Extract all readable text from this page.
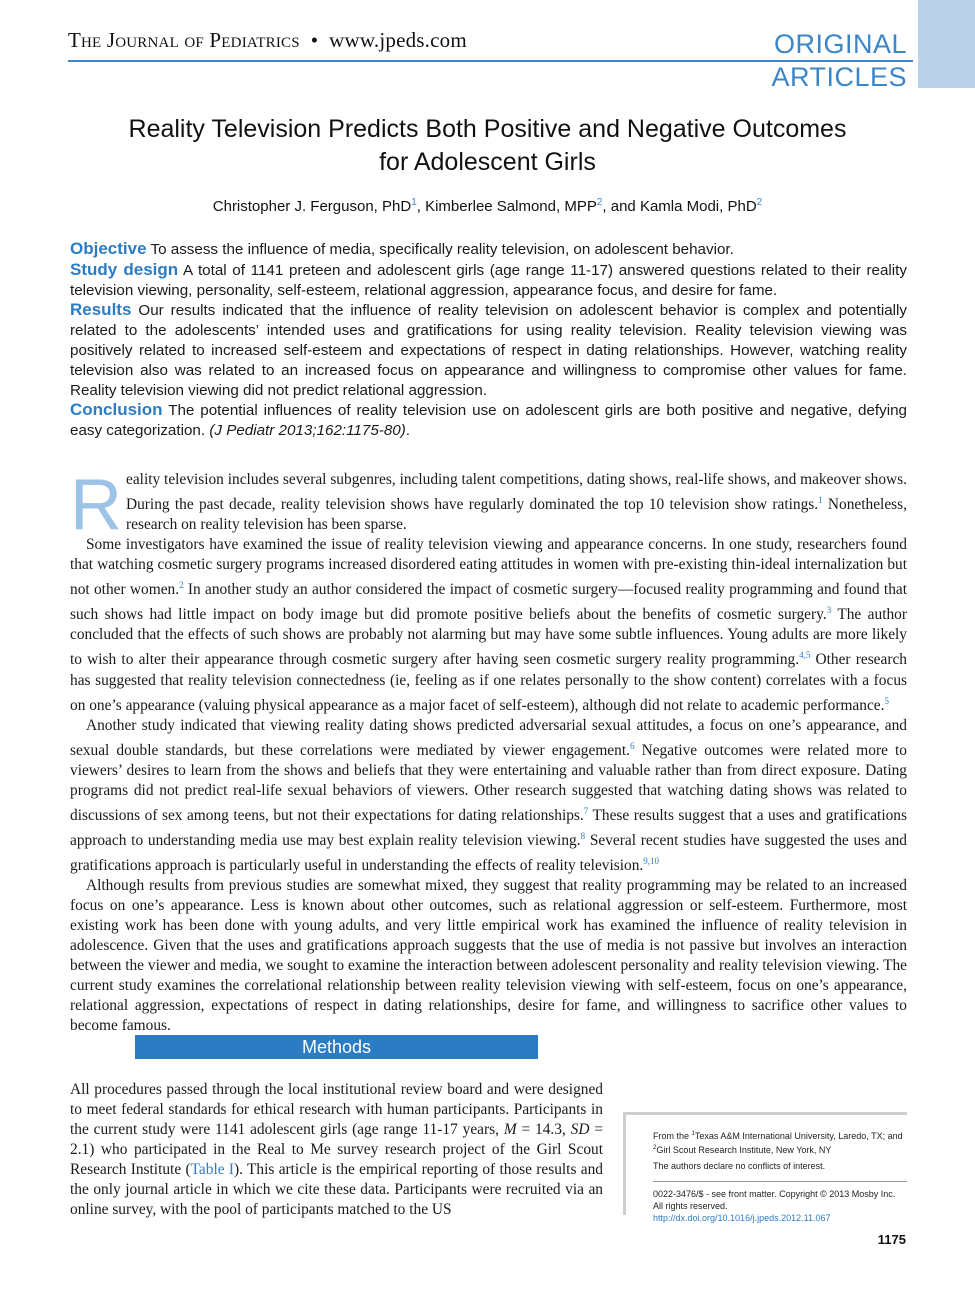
The Journal of Pediatrics • www.jpeds.com	ORIGINAL
ARTICLES
Reality Television Predicts Both Positive and Negative Outcomes
for Adolescent Girls
Christopher J. Ferguson, PhD$^1$, Kimberlee Salmond, MPP$^2$, and Kamla Modi, PhD$^2$

Objective To assess the influence of media, specifically reality television, on adolescent behavior.

Study design A total of 1141 preteen and adolescent girls (age range 11-17) answered questions related to their reality television viewing, personality, self-esteem, relational aggression, appearance focus, and desire for fame.

Results Our results indicated that the influence of reality television on adolescent behavior is complex and potentially related to the adolescents’ intended uses and gratifications for using reality television. Reality television viewing was positively related to increased self-esteem and expectations of respect in dating relationships. However, watching reality television also was related to an increased focus on appearance and willingness to compromise other values for fame. Reality television viewing did not predict relational aggression.

Conclusion The potential influences of reality television use on adolescent girls are both positive and negative, defying easy categorization. (J Pediatr 2013;162:1175-80).

Reality television includes several subgenres, including talent competitions, dating shows, real-life shows, and makeover shows. During the past decade, reality television shows have regularly dominated the top 10 television show ratings.$^1$ Nonetheless, research on reality television has been sparse.

Some investigators have examined the issue of reality television viewing and appearance concerns. In one study, researchers found that watching cosmetic surgery programs increased disordered eating attitudes in women with pre-existing thin-ideal internalization but not other women.$^2$ In another study an author considered the impact of cosmetic surgery—focused reality programming and found that such shows had little impact on body image but did promote positive beliefs about the benefits of cosmetic surgery.$^3$ The author concluded that the effects of such shows are probably not alarming but may have some subtle influences. Young adults are more likely to wish to alter their appearance through cosmetic surgery after having seen cosmetic surgery reality programming.$^{4,5}$ Other research has suggested that reality television connectedness (ie, feeling as if one relates personally to the show content) correlates with a focus on one’s appearance (valuing physical appearance as a major facet of self-esteem), although did not relate to academic performance.$^5$

Another study indicated that viewing reality dating shows predicted adversarial sexual attitudes, a focus on one’s appearance, and sexual double standards, but these correlations were mediated by viewer engagement.$^6$ Negative outcomes were related more to viewers’ desires to learn from the shows and beliefs that they were entertaining and valuable rather than from direct exposure. Dating programs did not predict real-life sexual behaviors of viewers. Other research suggested that watching dating shows was related to discussions of sex among teens, but not their expectations for dating relationships.$^7$ These results suggest that a uses and gratifications approach to understanding media use may best explain reality television viewing.$^8$ Several recent studies have suggested the uses and gratifications approach is particularly useful in understanding the effects of reality television.$^{9,10}$

Although results from previous studies are somewhat mixed, they suggest that reality programming may be related to an increased focus on one’s appearance. Less is known about other outcomes, such as relational aggression or self-esteem. Furthermore, most existing work has been done with young adults, and very little empirical work has examined the influence of reality television in adolescence. Given that the uses and gratifications approach suggests that the use of media is not passive but involves an interaction between the viewer and media, we sought to examine the interaction between adolescent personality and reality television viewing. The current study examines the correlational relationship between reality television viewing with self-esteem, focus on one’s appearance, relational aggression, expectations of respect in dating relationships, desire for fame, and willingness to sacrifice other values to become famous.

Methods
All procedures passed through the local institutional review board and were designed to meet federal standards for ethical research with human participants. Participants in the current study were 1141 adolescent girls (age range 11-17 years, M = 14.3, SD = 2.1) who participated in the Real to Me survey research project of the Girl Scout Research Institute (Table I). This article is the empirical reporting of those results and the only journal article in which we cite these data. Participants were recruited via an online survey, with the pool of participants matched to the US
From the $^1$Texas A&M International University, Laredo, TX; and $^2$Girl Scout Research Institute, New York, NY
The authors declare no conflicts of interest.
0022-3476/$ - see front matter. Copyright © 2013 Mosby Inc.
All rights reserved. http://dx.doi.org/10.1016/j.jpeds.2012.11.067
1175
